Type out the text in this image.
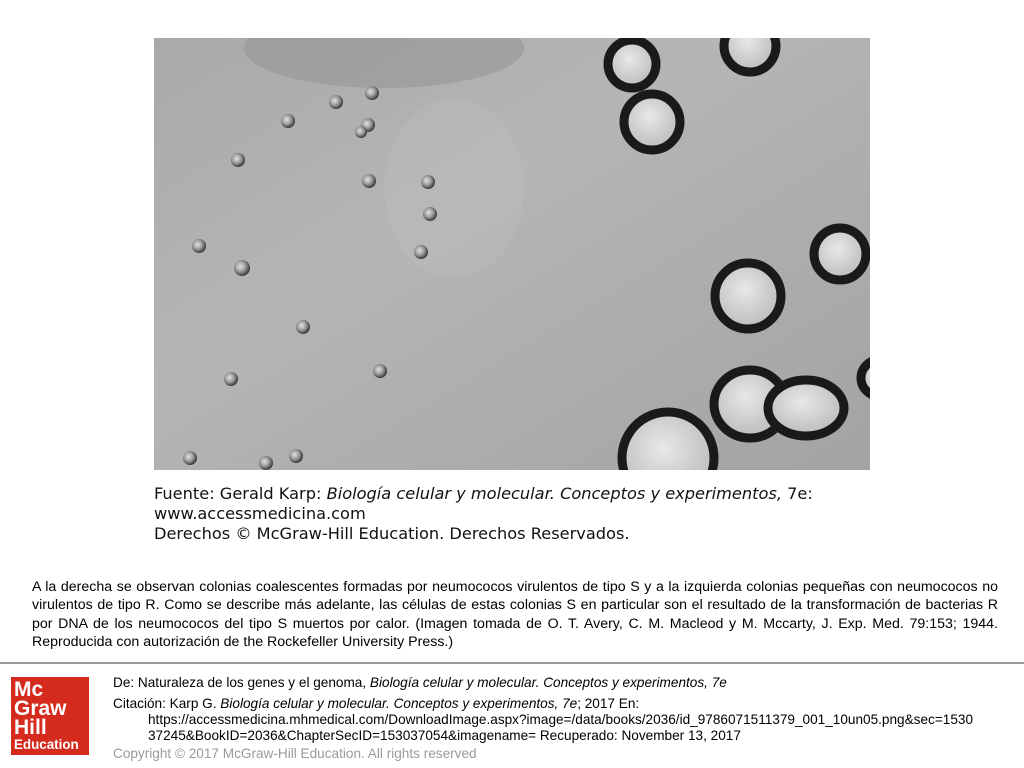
Fuente: Gerald Karp: Biología celular y molecular. Conceptos y experimentos, 7e:
www.accessmedicina.com
Derechos © McGraw-Hill Education. Derechos Reservados.
A la derecha se observan colonias coalescentes formadas por neumococos virulentos de tipo S y a la izquierda colonias pequeñas con neumococos no virulentos de tipo R. Como se describe más adelante, las células de estas colonias S en particular son el resultado de la transformación de bacterias R por DNA de los neumococos del tipo S muertos por calor. (Imagen tomada de O. T. Avery, C. M. Macleod y M. Mccarty, J. Exp. Med. 79:153; 1944. Reproducida con autorización de the Rockefeller University Press.)
Mc
Graw
Hill
Education
De: Naturaleza de los genes y el genoma, Biología celular y molecular. Conceptos y experimentos, 7e
Citación: Karp G. Biología celular y molecular. Conceptos y experimentos, 7e; 2017 En:
https://accessmedicina.mhmedical.com/DownloadImage.aspx?image=/data/books/2036/id_9786071511379_001_10un05.png&sec=1530
37245&BookID=2036&ChapterSecID=153037054&imagename= Recuperado: November 13, 2017
Copyright © 2017 McGraw-Hill Education. All rights reserved
